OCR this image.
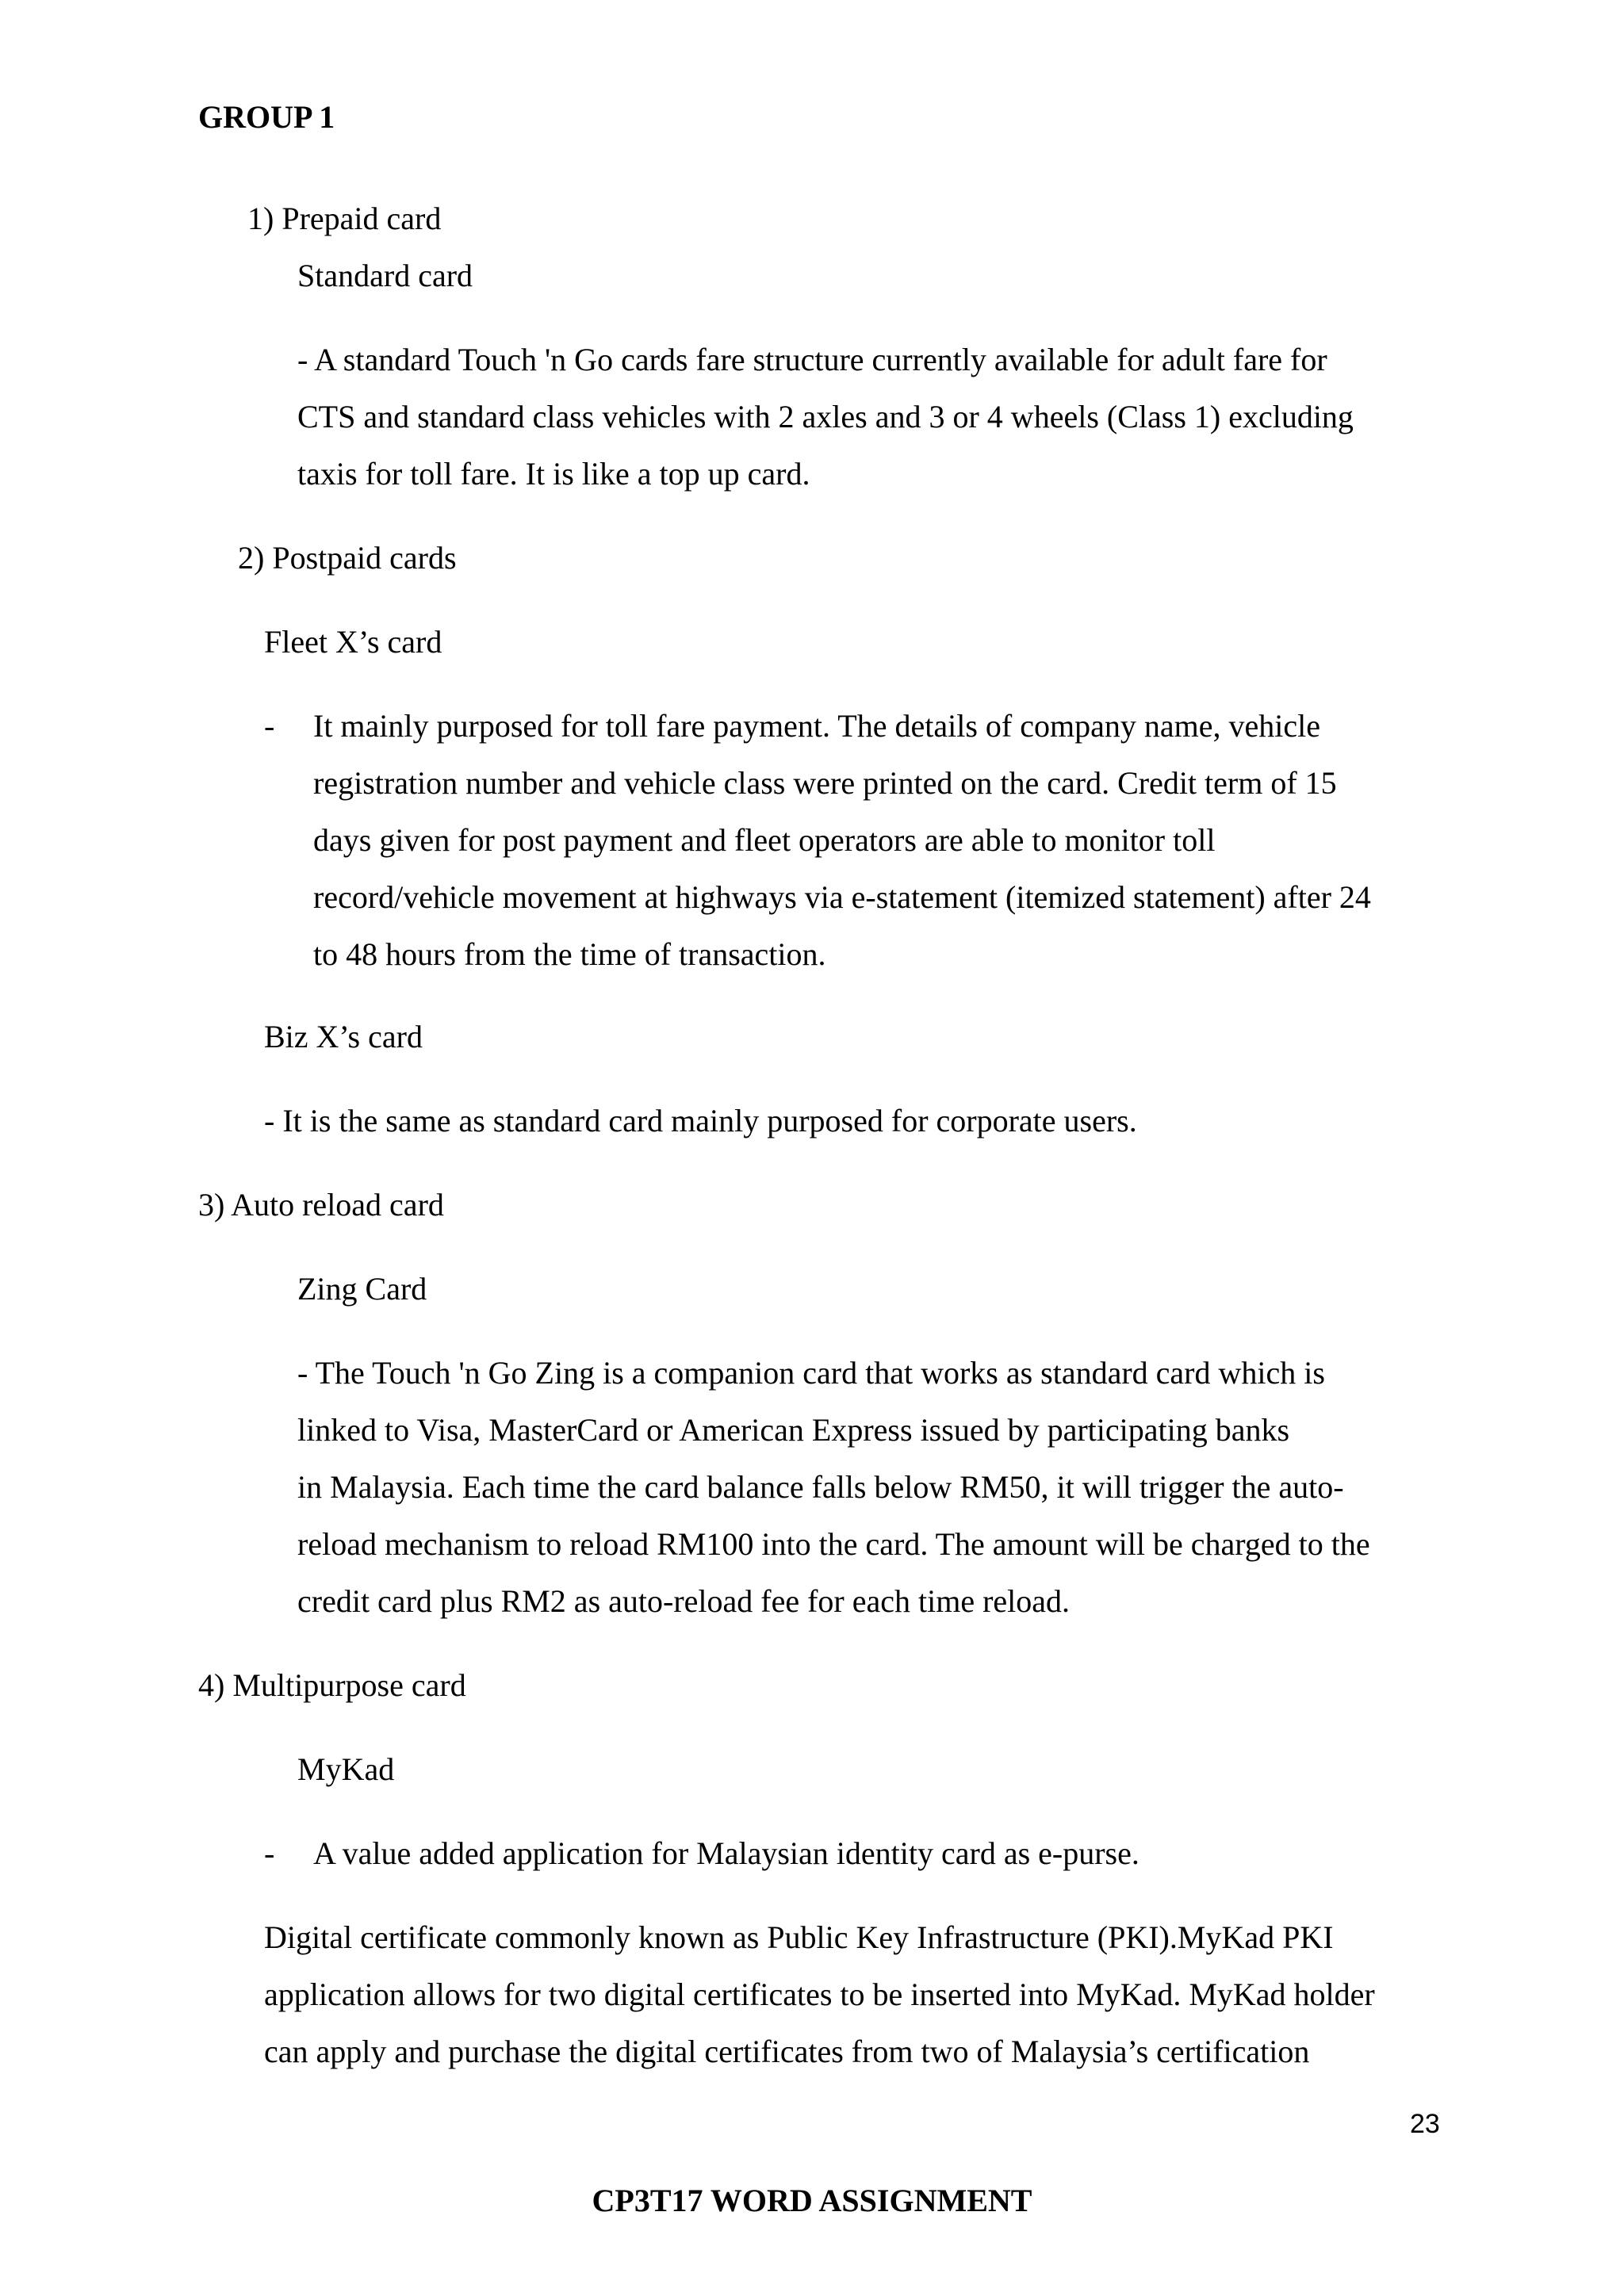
GROUP 1
1) Prepaid card
Standard card
- A standard Touch 'n Go cards fare structure currently available for adult fare for
CTS and standard class vehicles with 2 axles and 3 or 4 wheels (Class 1) excluding
taxis for toll fare. It is like a top up card.
2) Postpaid cards
Fleet X’s card
- It mainly purposed for toll fare payment. The details of company name, vehicle
registration number and vehicle class were printed on the card. Credit term of 15
days given for post payment and fleet operators are able to monitor toll
record/vehicle movement at highways via e-statement (itemized statement) after 24
to 48 hours from the time of transaction.
Biz X’s card
- It is the same as standard card mainly purposed for corporate users.
3) Auto reload card
Zing Card
- The Touch 'n Go Zing is a companion card that works as standard card which is
linked to Visa, MasterCard or American Express issued by participating banks
in Malaysia. Each time the card balance falls below RM50, it will trigger the auto-
reload mechanism to reload RM100 into the card. The amount will be charged to the
credit card plus RM2 as auto-reload fee for each time reload.
4) Multipurpose card
MyKad
- A value added application for Malaysian identity card as e-purse.
Digital certificate commonly known as Public Key Infrastructure (PKI).MyKad PKI
application allows for two digital certificates to be inserted into MyKad. MyKad holder
can apply and purchase the digital certificates from two of Malaysia’s certification
23
CP3T17 WORD ASSIGNMENT
